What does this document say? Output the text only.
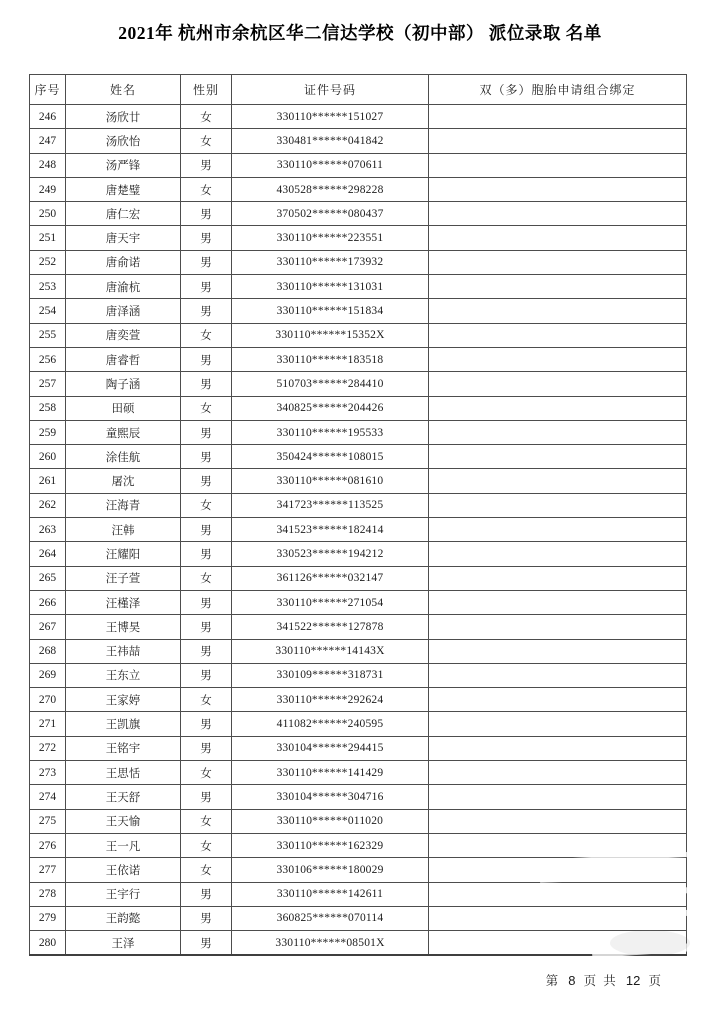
2021年 杭州市余杭区华二信达学校（初中部） 派位录取 名单
序号	姓名	性别	证件号码	双（多）胞胎申请组合绑定
246	汤欣廿	女	330110******151027	
247	汤欣怡	女	330481******041842	
248	汤严锋	男	330110******070611	
249	唐楚璧	女	430528******298228	
250	唐仁宏	男	370502******080437	
251	唐天宇	男	330110******223551	
252	唐俞诺	男	330110******173932	
253	唐渝杭	男	330110******131031	
254	唐泽涵	男	330110******151834	
255	唐奕萱	女	330110******15352X	
256	唐睿哲	男	330110******183518	
257	陶子涵	男	510703******284410	
258	田硕	女	340825******204426	
259	童熙辰	男	330110******195533	
260	涂佳航	男	350424******108015	
261	屠沈	男	330110******081610	
262	汪海青	女	341723******113525	
263	汪韩	男	341523******182414	
264	汪耀阳	男	330523******194212	
265	汪子萱	女	361126******032147	
266	汪槿泽	男	330110******271054	
267	王博昊	男	341522******127878	
268	王祎喆	男	330110******14143X	
269	王东立	男	330109******318731	
270	王家婷	女	330110******292624	
271	王凯旗	男	411082******240595	
272	王铭宇	男	330104******294415	
273	王思恬	女	330110******141429	
274	王天舒	男	330104******304716	
275	王天愉	女	330110******011020	
276	王一凡	女	330110******162329	
277	王依诺	女	330106******180029	
278	王宇行	男	330110******142611	
279	王韵懿	男	360825******070114	
280	王泽	男	330110******08501X	
第 8 页 共 12 页
